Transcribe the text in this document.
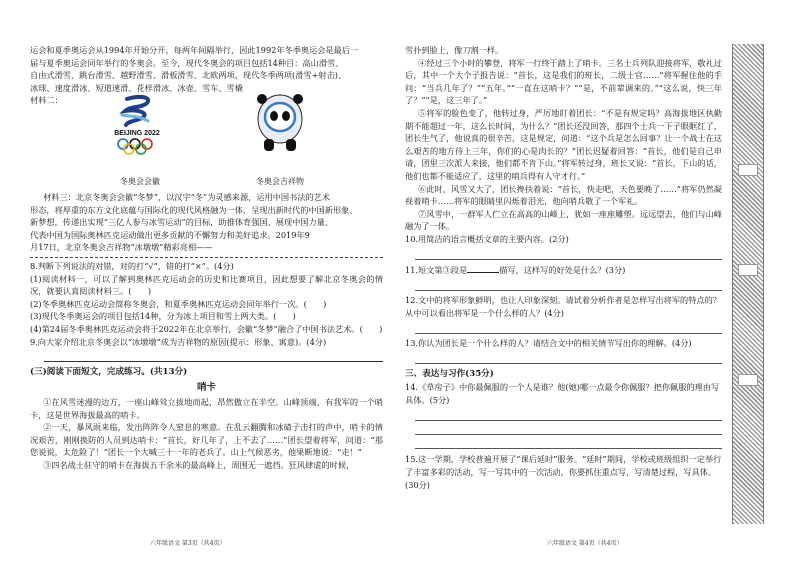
运会和夏季奥运会从1994年开始分开，每两年间隔举行，因此1992年冬季奥运会是最后一

届与夏季奥运会同年举行的冬奥会。至今，现代冬奥会的项目包括14种目：高山滑雪、

自由式滑雪、跳台滑雪、越野滑雪、滑板滑雪、北欧两项、现代冬季两项(滑雪+射击)、

冰球、速度滑冰、短道速滑、花样滑冰、冰壶、雪车、雪橇

材料二：

BEIJING 2022
冬奥会会徽	冬奥会吉祥物

材料三：北京冬奥会会徽“冬梦”，以汉字“冬”为灵感来源，运用中国书法的艺术

形态，将厚重的东方文化底蕴与国际化的现代风格融为一体，呈现出新时代的中国新形象、

新梦想，传递出实现“三亿人参与冰雪运动”的目标，助推体育强国、展现中国力量、

代表中国为国际奥林匹克运动做出更多贡献的不懈努力和美好追求。2019年9

月17日，北京冬奥会吉祥物“冰墩墩”精彩亮相——

8.判断下列说法的对错，对的打“√”，错的打“×”。(4分)

(1)阅读材料一，可以了解到奥林匹克运动会的历史和比赛项目，因此想要了解北京冬奥会的情况，就要认真阅读材料三。(　　)

(2)冬季奥林匹克运动会简称冬奥会，和夏季奥林匹克运动会同年举行一次。(　　)

(3)现代冬季奥运会的项目包括14种，分为冰上项目和雪上两大类。(　　)

(4)第24届冬季奥林匹克运动会将于2022年在北京举行，会徽“冬梦”融合了中国书法艺术。(　　)

9.向大家介绍北京冬奥会以“冰墩墩”成为吉祥物的原因(提示：形象、寓意)。(4分)

(三)阅读下面短文，完成练习。(共13分)

哨卡

①在风雪迷漫的边方，一座山峰耸立拔地而起，昂然傲立在半空。山峰顶端，有我军的一个哨卡，这是世界海拔最高的哨卡。

②一天，暴风雨来临，发出阵阵令人窒息的寒意。在乱云翻腾和冰碴子击打的声中，哨卡的情况艰苦，刚刚换防的人员到达哨卡：“首长，好几年了，上不去了……”团长望着将军，问道：“那您说说，太危险了！”团长一个大喊三十一年的老兵了。山上气候恶劣，他果断地说：“走！”

③四名战士驻守的哨卡在海拔五千余米的最高峰上，周围无一遮挡。狂风肆虐的时候，

六年级语文 第3页（共4页）

雪扑到脸上，像刀割一样。

④经过三个小时的攀登，将军一行终于踏上了哨卡。三名士兵列队迎接将军，敬礼过后，其中一个大个子报告说：“首长，这是我们的班长，二级士官……”将军握住他的手问：“当兵几年了？”“五年。”“一直在这哨卡？”“是，不前辈调来的。”“这么说，快三年了？”“是，这三年了。”

⑤将军的脸色变了，他转过身，严厉地盯着团长：“不是有规定吗？高海拔地区执勤期不能超过一年，这么长时间，为什么？”团长还没回答，那四个士兵一下子眼眶红了，团长生气了，他说真的很辛苦，这是规定，问道：“这个兵是怎么回事？让一个战士在这么艰苦的地方待上三年，你们的心是肉长的？”团长迟疑着回答：“首长，他们是自己申请，团里三次派人来接，他们都不肯下山。”将军转过身，班长又说：“首长，下山的话，他们也都不能适应了，这里的哨兵得有人守才行。”

⑥此时，风雪又大了，团长搀扶着说：“首长，快走吧，天色要晚了……”将军仍然凝视着哨卡……将军的眼睛里闪烁着泪光，他向哨兵敬了一个军礼。

⑦风雪中，一群军人伫立在高高的山峰上，犹如一座座雕塑。远远望去，他们与山峰融为了一体。

10.用简洁的语言概括文章的主要内容。(2分)

11.短文第③段是	描写，这样写的好处是什么？(3分)

12.文中的将军形象鲜明，也让人印象深刻。请试着分析作者是怎样写出将军的特点的？从中可以看出将军是一个什么样的人？(4分)

13.你认为团长是一个什么样的人？请结合文中的相关情节写出你的理解。(4分)

三、表达与习作(35分)

14.《草房子》中你最佩服的一个人是谁？他(她)哪一点最令你佩服？把你佩服的理由写具体。(5分)

15.这一学期，学校普遍开展了“课后延时”服务。“延时”期间，学校或班级组织一定举行了丰富多彩的活动，写一写其中的一次活动，你要抓住重点写，写清楚过程，写具体。(30分)

六年级语文 第4页（共4页）
